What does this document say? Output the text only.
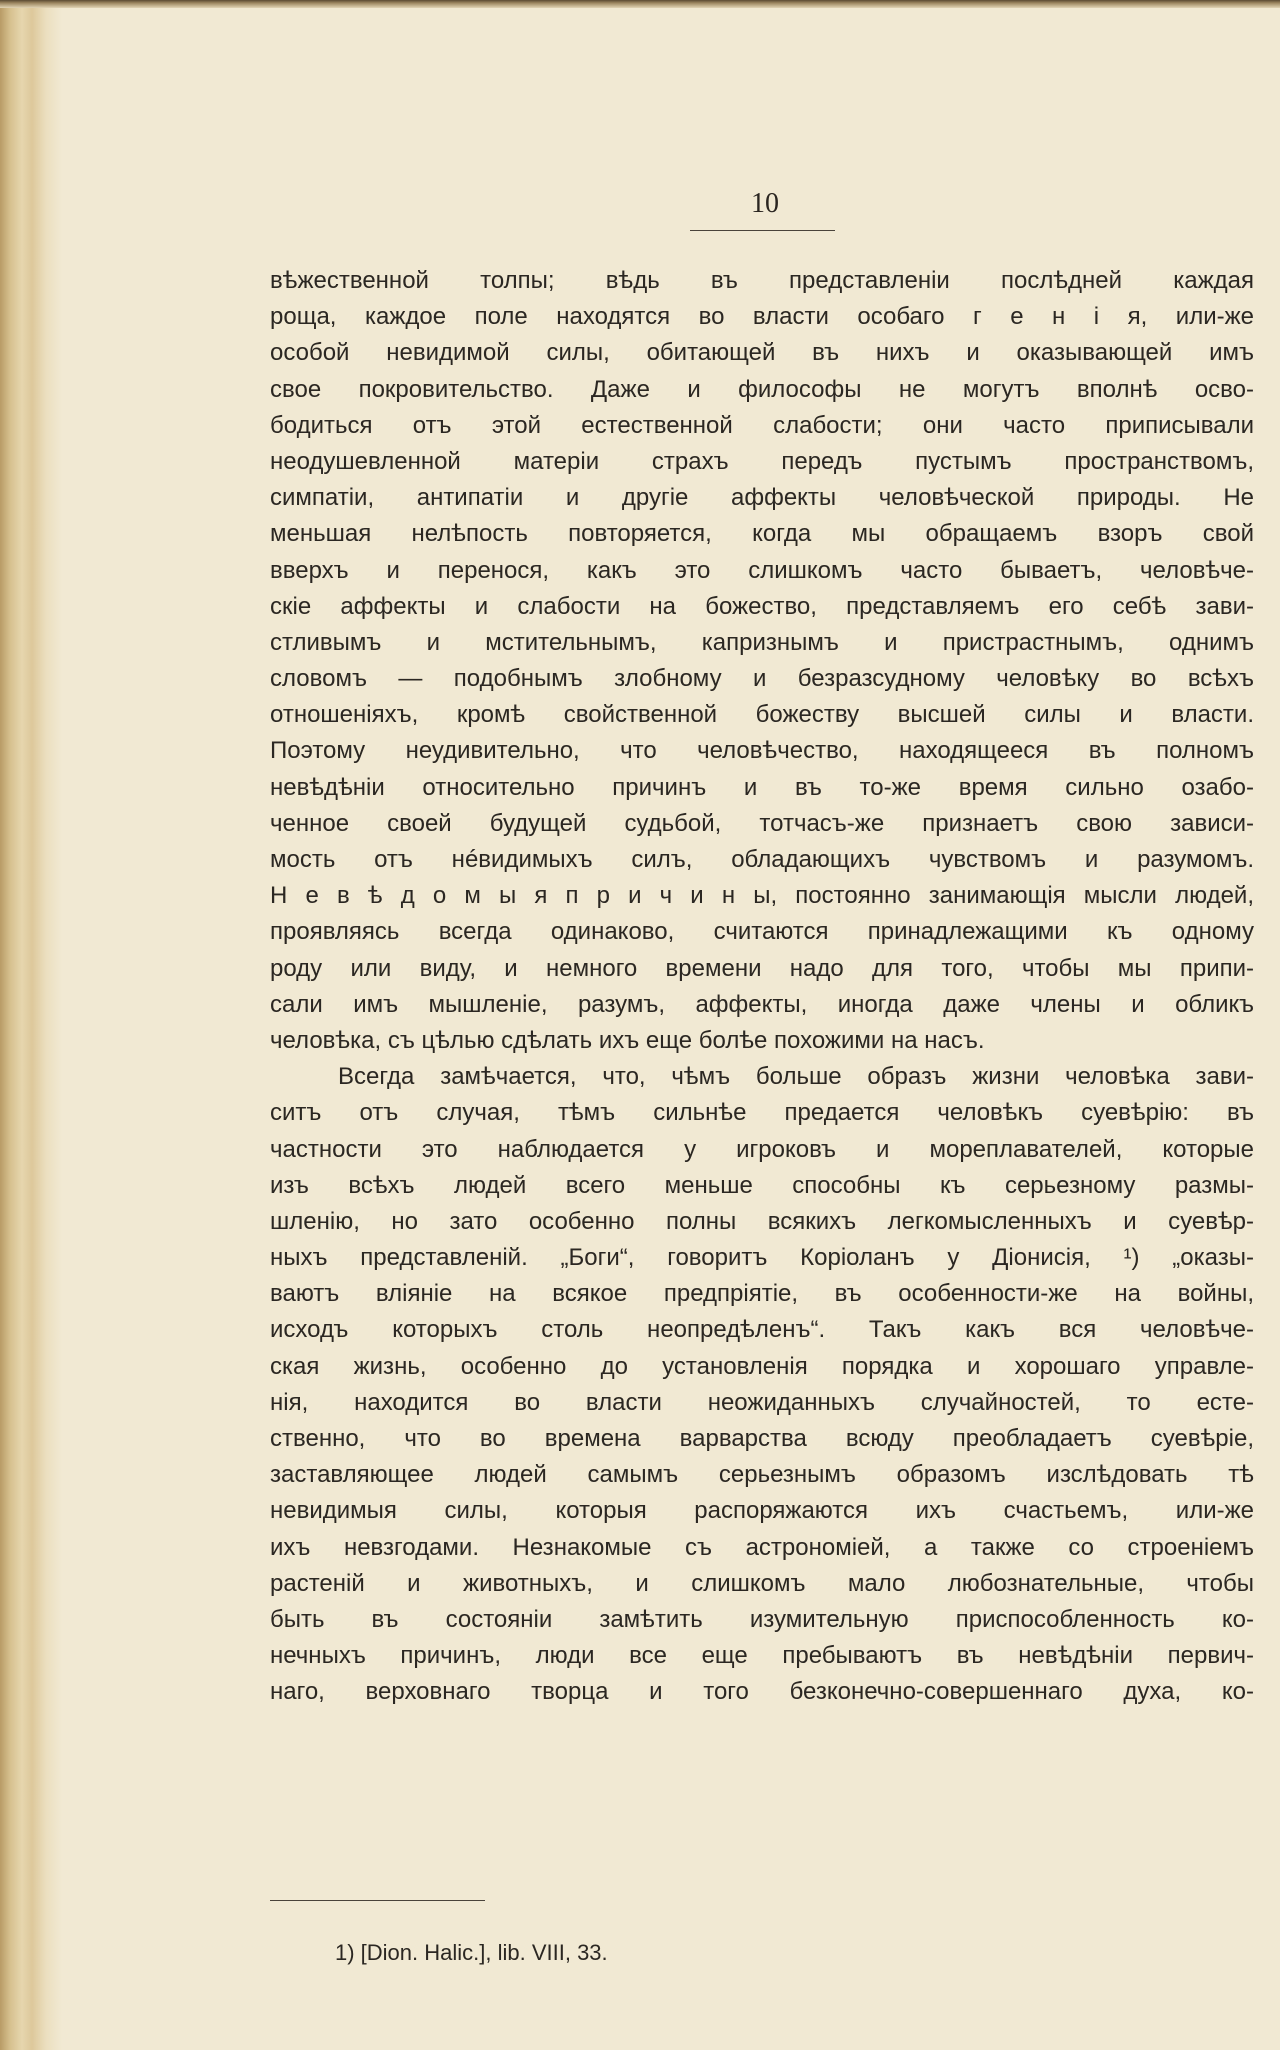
10
вѣжественной толпы; вѣдь въ представленіи послѣдней каждая
роща, каждое поле находятся во власти особаго г е н і я, или-же
особой невидимой силы, обитающей въ нихъ и оказывающей имъ
свое покровительство. Даже и философы не могутъ вполнѣ осво-
бодиться отъ этой естественной слабости; они часто приписывали
неодушевленной матеріи страхъ передъ пустымъ пространствомъ,
симпатіи, антипатіи и другіе аффекты человѣческой природы. Не
меньшая нелѣпость повторяется, когда мы обращаемъ взоръ свой
вверхъ и перенося, какъ это слишкомъ часто бываетъ, человѣче-
скіе аффекты и слабости на божество, представляемъ его себѣ зави-
стливымъ и мстительнымъ, капризнымъ и пристрастнымъ, однимъ
словомъ — подобнымъ злобному и безразсудному человѣку во всѣхъ
отношеніяхъ, кромѣ свойственной божеству высшей силы и власти.
Поэтому неудивительно, что человѣчество, находящееся въ полномъ
невѣдѣніи относительно причинъ и въ то-же время сильно озабо-
ченное своей будущей судьбой, тотчасъ-же признаетъ свою зависи-
мость отъ нéвидимыхъ силъ, обладающихъ чувствомъ и разумомъ.
Н е в ѣ д о м ы я п р и ч и н ы, постоянно занимающія мысли людей,
проявляясь всегда одинаково, считаются принадлежащими къ одному
роду или виду, и немного времени надо для того, чтобы мы припи-
сали имъ мышленіе, разумъ, аффекты, иногда даже члены и обликъ
человѣка, съ цѣлью сдѣлать ихъ еще болѣе похожими на насъ.
Всегда замѣчается, что, чѣмъ больше образъ жизни человѣка зави-
ситъ отъ случая, тѣмъ сильнѣе предается человѣкъ суевѣрію: въ
частности это наблюдается у игроковъ и мореплавателей, которые
изъ всѣхъ людей всего меньше способны къ серьезному размы-
шленію, но зато особенно полны всякихъ легкомысленныхъ и суевѣр-
ныхъ представленій. „Боги“, говоритъ Коріоланъ у Діонисія, ¹) „оказы-
ваютъ вліяніе на всякое предпріятіе, въ особенности-же на войны,
исходъ которыхъ столь неопредѣленъ“. Такъ какъ вся человѣче-
ская жизнь, особенно до установленія порядка и хорошаго управле-
нія, находится во власти неожиданныхъ случайностей, то есте-
ственно, что во времена варварства всюду преобладаетъ суевѣріе,
заставляющее людей самымъ серьезнымъ образомъ изслѣдовать тѣ
невидимыя силы, которыя распоряжаются ихъ счастьемъ, или-же
ихъ невзгодами. Незнакомые съ астрономіей, а также со строеніемъ
растеній и животныхъ, и слишкомъ мало любознательные, чтобы
быть въ состояніи замѣтить изумительную приспособленность ко-
нечныхъ причинъ, люди все еще пребываютъ въ невѣдѣніи первич-
наго, верховнаго творца и того безконечно-совершеннаго духа, ко-
1) [Dion. Halic.], lib. VIII, 33.
